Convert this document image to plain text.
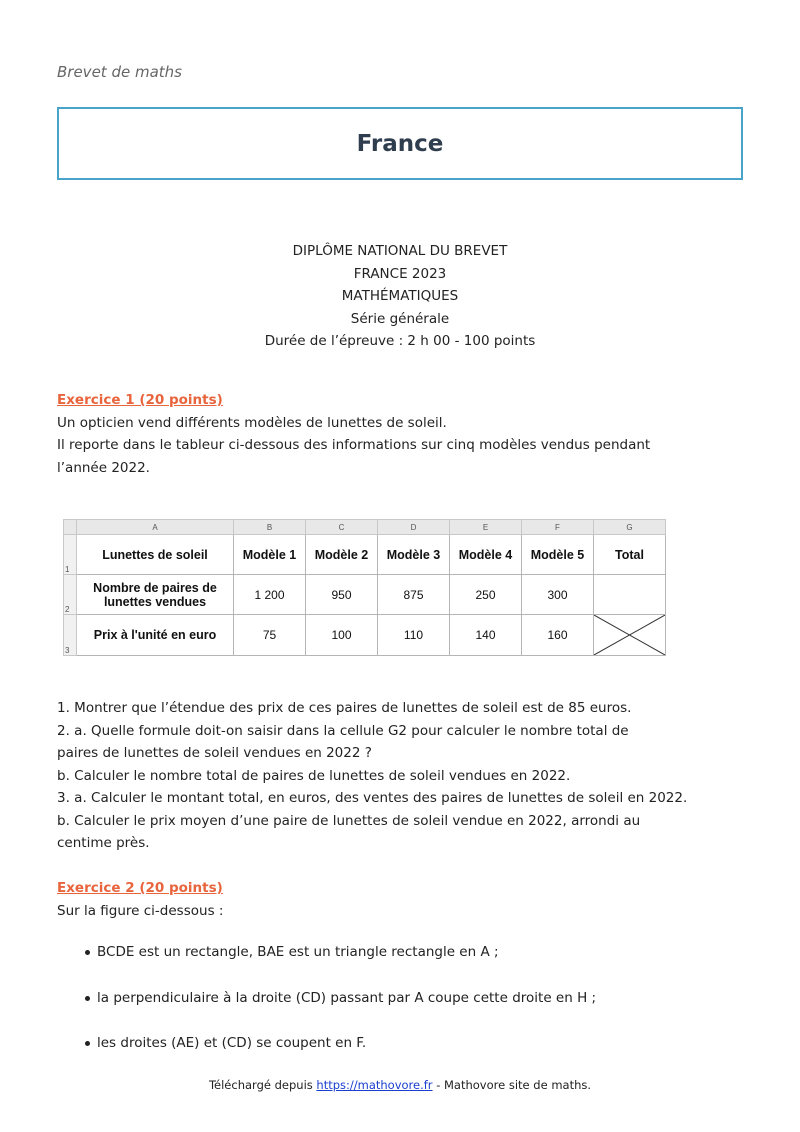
Brevet de maths
France
DIPLÔME NATIONAL DU BREVET
FRANCE 2023
MATHÉMATIQUES
Série générale
Durée de l’épreuve : 2 h 00 - 100 points
Exercice 1 (20 points)
Un opticien vend différents modèles de lunettes de soleil.
Il reporte dans le tableur ci-dessous des informations sur cinq modèles vendus pendant l’année 2022.
	A	B	C	D	E	F	G
1	Lunettes de soleil	Modèle 1	Modèle 2	Modèle 3	Modèle 4	Modèle 5	Total
2	Nombre de paires de lunettes vendues	1 200	950	875	250	300	
3	Prix à l'unité en euro	75	100	110	140	160	
1. Montrer que l’étendue des prix de ces paires de lunettes de soleil est de 85 euros.
2. a. Quelle formule doit-on saisir dans la cellule G2 pour calculer le nombre total de paires de lunettes de soleil vendues en 2022 ?
b. Calculer le nombre total de paires de lunettes de soleil vendues en 2022.
3. a. Calculer le montant total, en euros, des ventes des paires de lunettes de soleil en 2022.
b. Calculer le prix moyen d’une paire de lunettes de soleil vendue en 2022, arrondi au centime près.
Exercice 2 (20 points)
Sur la figure ci-dessous :
BCDE est un rectangle, BAE est un triangle rectangle en A ;
la perpendiculaire à la droite (CD) passant par A coupe cette droite en H ;
les droites (AE) et (CD) se coupent en F.
Téléchargé depuis https://mathovore.fr - Mathovore site de maths.
